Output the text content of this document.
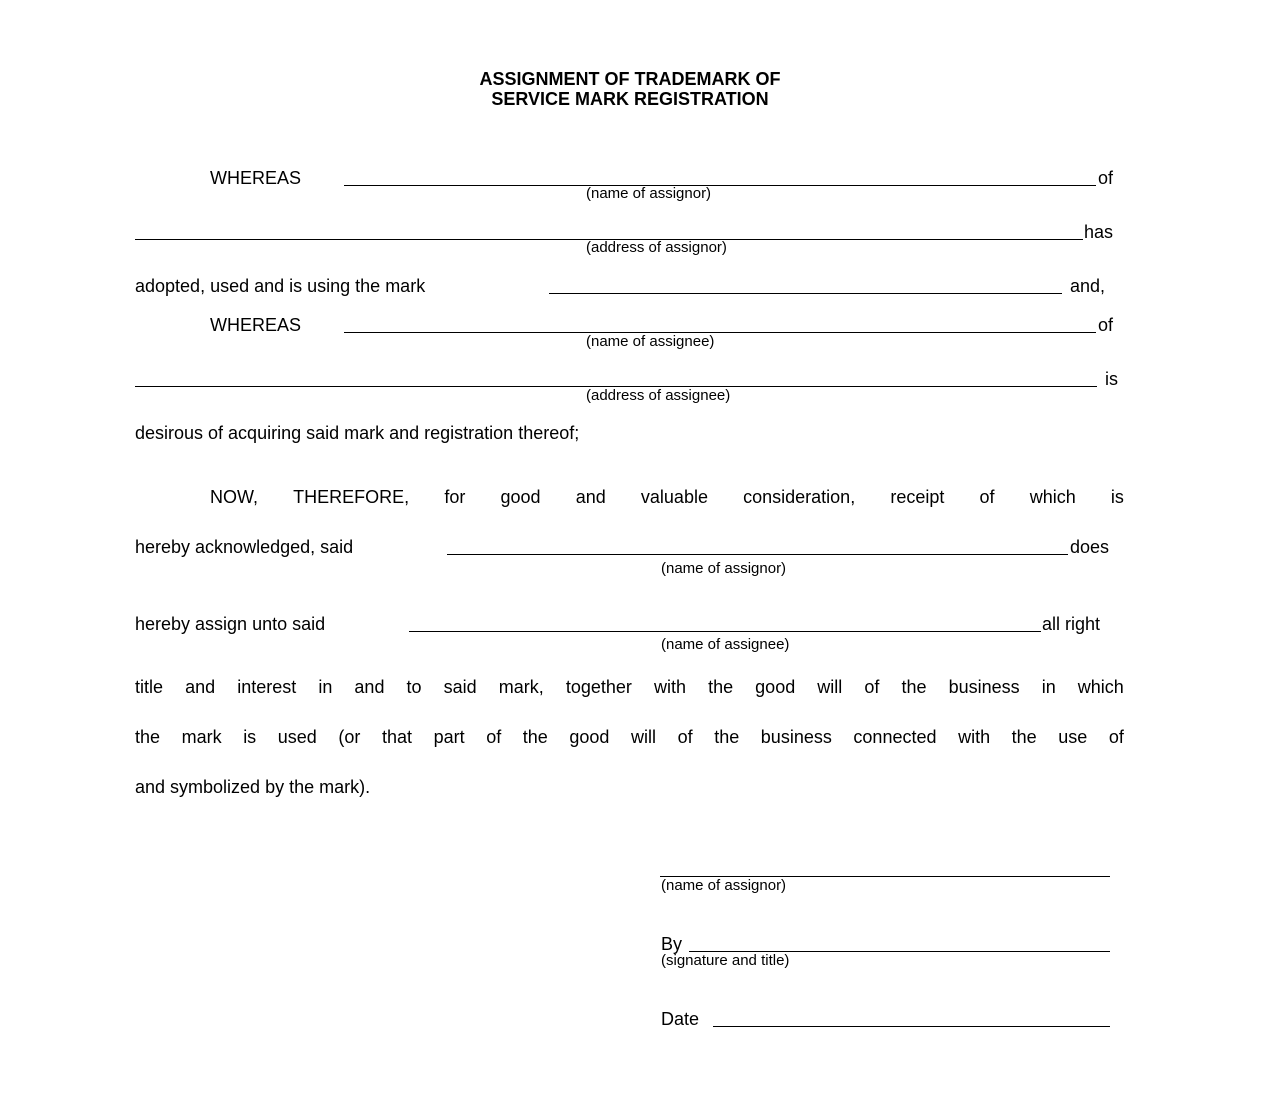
ASSIGNMENT OF TRADEMARK OF
SERVICE MARK REGISTRATION
WHEREAS	of
(name of assignor)
has
(address of assignor)
adopted, used and is using the mark	and,
WHEREAS	of
(name of assignee)
is
(address of assignee)
desirous of acquiring said mark and registration thereof;
NOW, THEREFORE, for good and valuable consideration, receipt of which is
hereby acknowledged, said	does
(name of assignor)
hereby assign unto said	all right
(name of assignee)
title and interest in and to said mark, together with the good will of the business in which
the mark is used (or that part of the good will of the business connected with the use of
and symbolized by the mark).
(name of assignor)
By
(signature and title)
Date
